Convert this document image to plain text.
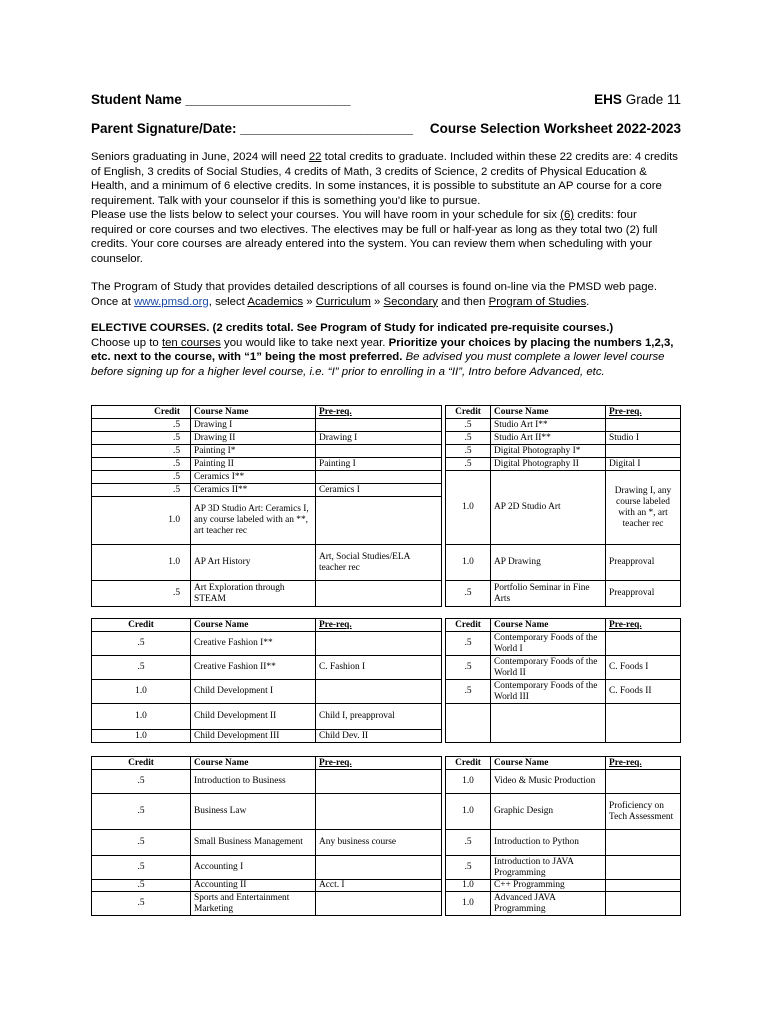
Student Name ______________________	EHS Grade 11
Parent Signature/Date: _______________________ Course Selection Worksheet 2022-2023

Seniors graduating in June, 2024 will need 22 total credits to graduate. Included within these 22 credits are: 4 credits of English, 3 credits of Social Studies, 4 credits of Math, 3 credits of Science, 2 credits of Physical Education & Health, and a minimum of 6 elective credits. In some instances, it is possible to substitute an AP course for a core requirement. Talk with your counselor if this is something you'd like to pursue.

Please use the lists below to select your courses. You will have room in your schedule for six (6) credits: four required or core courses and two electives. The electives may be full or half-year as long as they total two (2) full credits. Your core courses are already entered into the system. You can review them when scheduling with your counselor.

The Program of Study that provides detailed descriptions of all courses is found on-line via the PMSD web page.

Once at www.pmsd.org, select Academics » Curriculum » Secondary and then Program of Studies.

ELECTIVE COURSES. (2 credits total. See Program of Study for indicated pre-requisite courses.)

Choose up to ten courses you would like to take next year. Prioritize your choices by placing the numbers 1,2,3, etc. next to the course, with “1” being the most preferred. Be advised you must complete a lower level course before signing up for a higher level course, i.e. “I” prior to enrolling in a “II”, Intro before Advanced, etc.

Credit	Course Name	Pre-req.		Credit	Course Name	Pre-req.
.5	Drawing I			.5	Studio Art I**	
.5	Drawing II	Drawing I		.5	Studio Art II**	Studio I
.5	Painting I*			.5	Digital Photography I*	
.5	Painting II	Painting I		.5	Digital Photography II	Digital I
.5	Ceramics I**			1.0	AP 2D Studio Art	Drawing I, any course labeled with an *, art teacher rec
.5	Ceramics II**	Ceramics I				
1.0	AP 3D Studio Art: Ceramics I, any course labeled with an **, art teacher rec					
1.0	AP Art History	Art, Social Studies/ELA teacher rec		1.0	AP Drawing	Preapproval
.5	Art Exploration through STEAM			.5	Portfolio Seminar in Fine Arts	Preapproval
Credit	Course Name	Pre-req.		Credit	Course Name	Pre-req.
.5	Creative Fashion I**			.5	Contemporary Foods of the World I	
.5	Creative Fashion II**	C. Fashion I		.5	Contemporary Foods of the World II	C. Foods I
1.0	Child Development I			.5	Contemporary Foods of the World III	C. Foods II
1.0	Child Development II	Child I, preapproval				
1.0	Child Development III	Child Dev. II				
Credit	Course Name	Pre-req.		Credit	Course Name	Pre-req.
.5	Introduction to Business			1.0	Video & Music Production	
.5	Business Law			1.0	Graphic Design	Proficiency on Tech Assessment
.5	Small Business Management	Any business course		.5	Introduction to Python	
.5	Accounting I			.5	Introduction to JAVA Programming	
.5	Accounting II	Acct. I		1.0	C++ Programming	
.5	Sports and Entertainment Marketing			1.0	Advanced JAVA Programming	
